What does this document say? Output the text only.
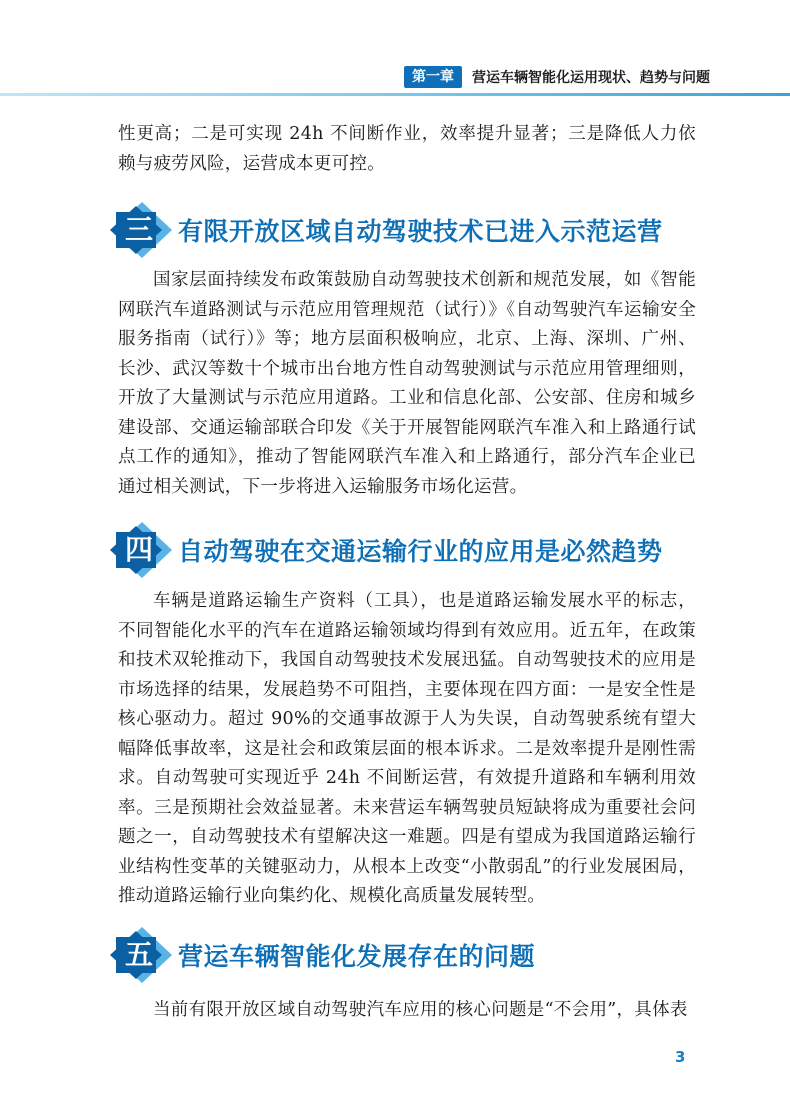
第一章	营运车辆智能化运用现状、趋势与问题

性更高；二是可实现 24h 不间断作业，效率提升显著；三是降低人力依赖与疲劳风险，运营成本更可控。

三	有限开放区域自动驾驶技术已进入示范运营

国家层面持续发布政策鼓励自动驾驶技术创新和规范发展，如《智能网联汽车道路测试与示范应用管理规范（试行）》《自动驾驶汽车运输安全服务指南（试行）》等；地方层面积极响应，北京、上海、深圳、广州、长沙、武汉等数十个城市出台地方性自动驾驶测试与示范应用管理细则，开放了大量测试与示范应用道路。工业和信息化部、公安部、住房和城乡建设部、交通运输部联合印发《关于开展智能网联汽车准入和上路通行试点工作的通知》，推动了智能网联汽车准入和上路通行，部分汽车企业已通过相关测试，下一步将进入运输服务市场化运营。

四	自动驾驶在交通运输行业的应用是必然趋势

车辆是道路运输生产资料（工具），也是道路运输发展水平的标志，不同智能化水平的汽车在道路运输领域均得到有效应用。近五年，在政策和技术双轮推动下，我国自动驾驶技术发展迅猛。自动驾驶技术的应用是市场选择的结果，发展趋势不可阻挡，主要体现在四方面：一是安全性是核心驱动力。超过 90%的交通事故源于人为失误，自动驾驶系统有望大幅降低事故率，这是社会和政策层面的根本诉求。二是效率提升是刚性需求。自动驾驶可实现近乎 24h 不间断运营，有效提升道路和车辆利用效率。三是预期社会效益显著。未来营运车辆驾驶员短缺将成为重要社会问题之一，自动驾驶技术有望解决这一难题。四是有望成为我国道路运输行业结构性变革的关键驱动力，从根本上改变“小散弱乱”的行业发展困局，推动道路运输行业向集约化、规模化高质量发展转型。

五	营运车辆智能化发展存在的问题

当前有限开放区域自动驾驶汽车应用的核心问题是“不会用”，具体表

3
